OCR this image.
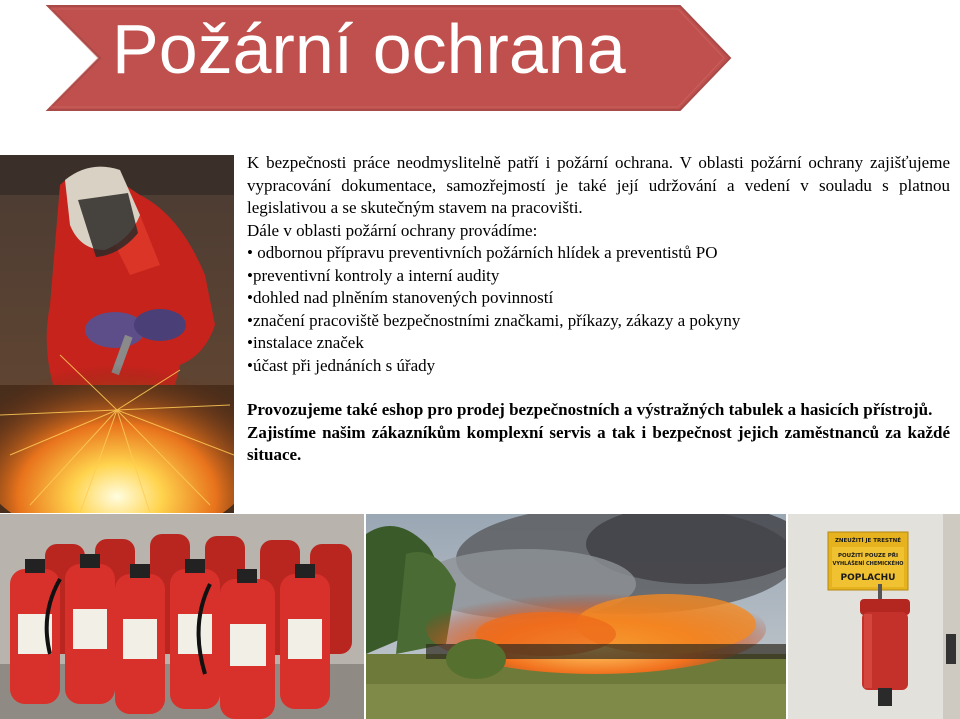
Požární ochrana

K bezpečnosti práce neodmyslitelně patří i požární ochrana. V oblasti požární ochrany zajišťujeme vypracování dokumentace, samozřejmostí je také její udržování a vedení v souladu s platnou legislativou a se skutečným stavem na pracovišti.

Dále v oblasti požární ochrany provádíme:

• odbornou přípravu preventivních požárních hlídek a preventistů PO

•preventivní kontroly a interní audity

•dohled nad plněním stanovených povinností

•značení pracoviště bezpečnostními značkami, příkazy, zákazy a pokyny

•instalace značek

•účast při jednáních s úřady

Provozujeme také eshop pro prodej bezpečnostních a výstražných tabulek a hasicích přístrojů.

Zajistíme našim zákazníkům komplexní servis a tak i bezpečnost jejich zaměstnanců za každé situace.

ZNEUŽITÍ JE TRESTNÉ
POUŽITÍ POUZE PŘI
VYHLÁŠENÍ CHEMICKÉHO
POPLACHU
